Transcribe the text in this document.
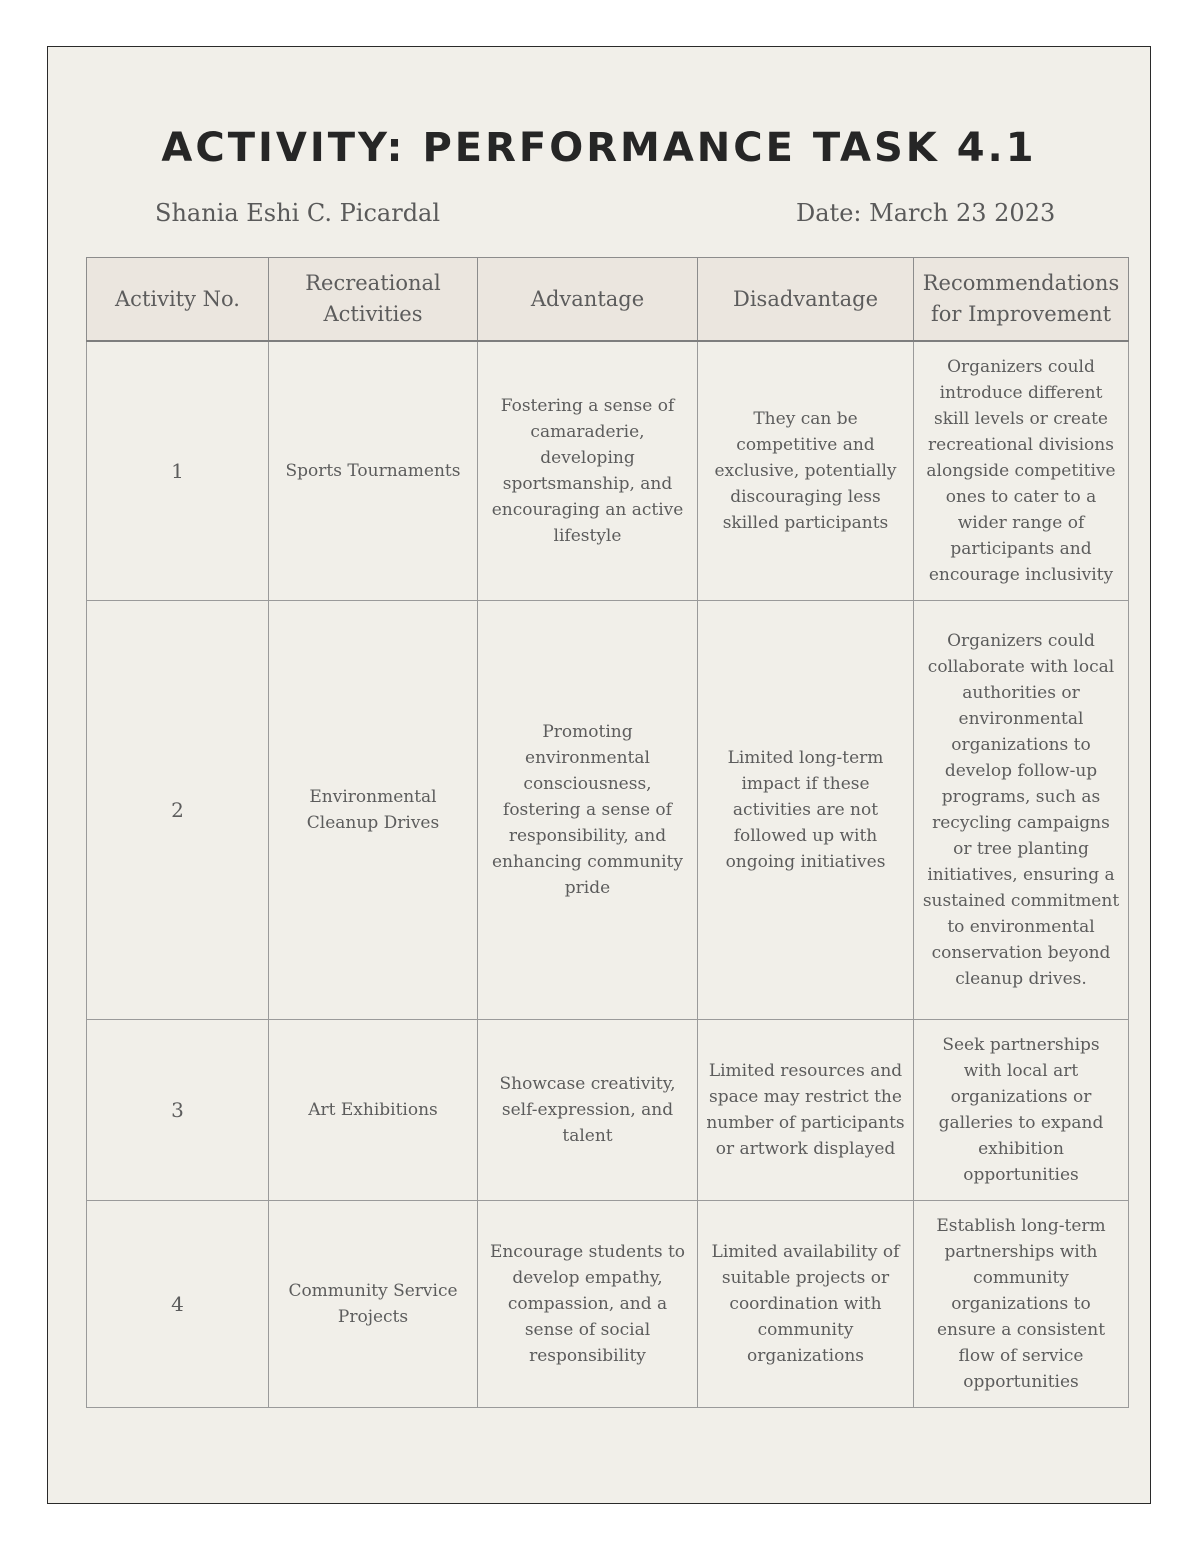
ACTIVITY: PERFORMANCE TASK 4.1
Shania Eshi C. Picardal	Date: March 23 2023
Activity No.	Recreational Activities	Advantage	Disadvantage	Recommendations for Improvement
1	Sports Tournaments	Fostering a sense of camaraderie, developing sportsmanship, and encouraging an active lifestyle	They can be competitive and exclusive, potentially discouraging less skilled participants	Organizers could introduce different skill levels or create recreational divisions alongside competitive ones to cater to a wider range of participants and encourage inclusivity
2	Environmental Cleanup Drives	Promoting environmental consciousness, fostering a sense of responsibility, and enhancing community pride	Limited long-term impact if these activities are not followed up with ongoing initiatives	Organizers could collaborate with local authorities or environmental organizations to develop follow-up programs, such as recycling campaigns or tree planting initiatives, ensuring a sustained commitment to environmental conservation beyond cleanup drives.
3	Art Exhibitions	Showcase creativity, self-expression, and talent	Limited resources and space may restrict the number of participants or artwork displayed	Seek partnerships with local art organizations or galleries to expand exhibition opportunities
4	Community Service Projects	Encourage students to develop empathy, compassion, and a sense of social responsibility	Limited availability of suitable projects or coordination with community organizations	Establish long-term partnerships with community organizations to ensure a consistent flow of service opportunities
